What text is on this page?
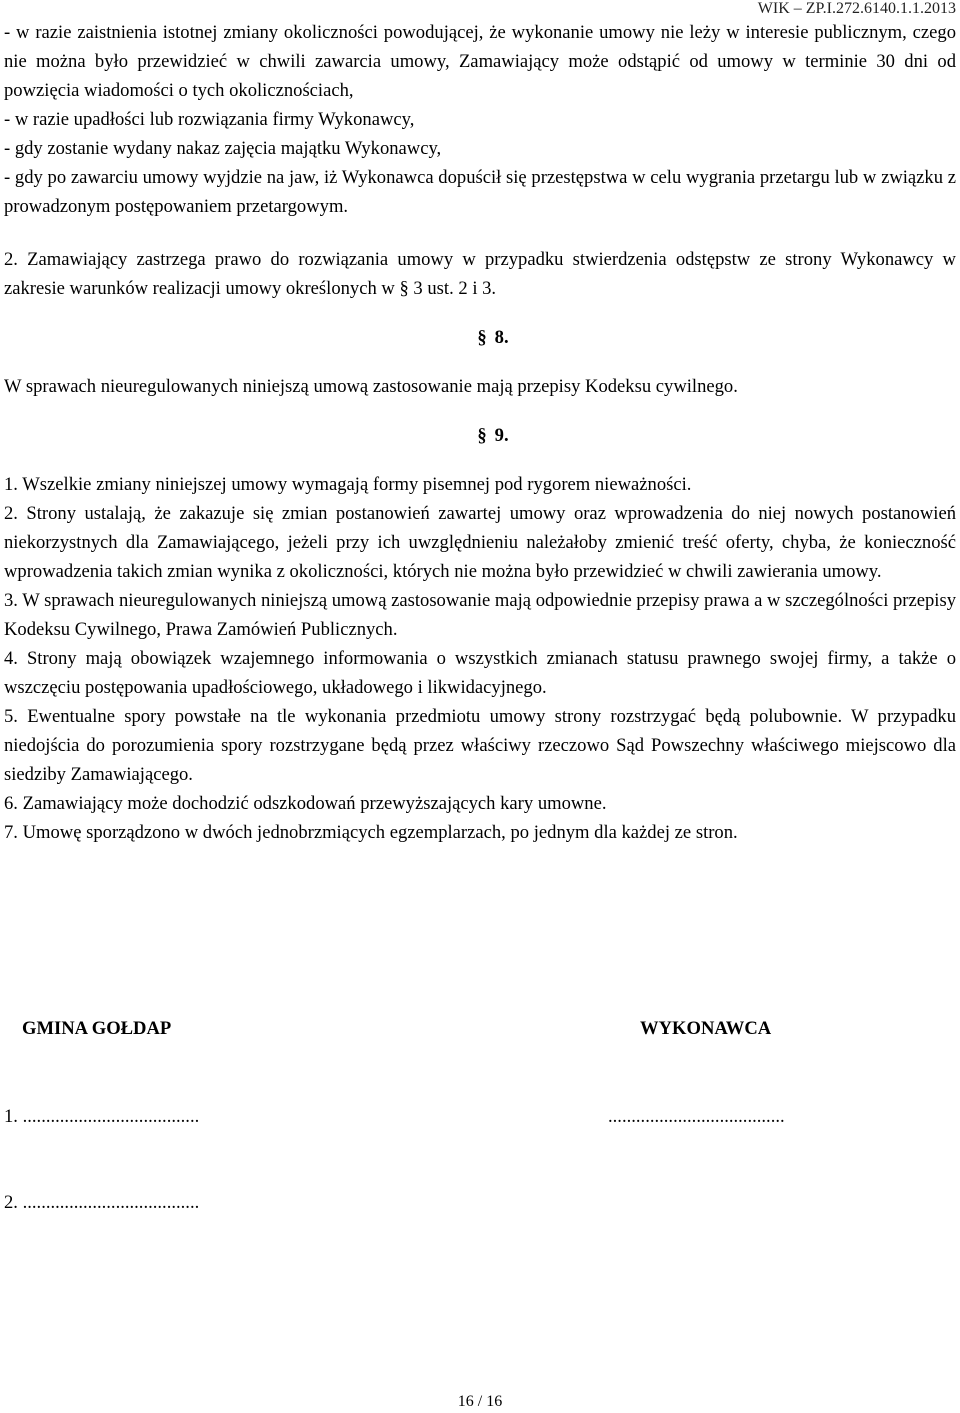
WIK – ZP.I.272.6140.1.1.2013

- w razie zaistnienia istotnej zmiany okoliczności powodującej, że wykonanie umowy nie leży w interesie publicznym, czego nie można było przewidzieć w chwili zawarcia umowy, Zamawiający może odstąpić od umowy w terminie 30 dni od powzięcia wiadomości o tych okolicznościach,

- w razie upadłości lub rozwiązania firmy Wykonawcy,

- gdy zostanie wydany nakaz zajęcia majątku Wykonawcy,

- gdy po zawarciu umowy wyjdzie na jaw, iż Wykonawca dopuścił się przestępstwa w celu wygrania przetargu lub w związku z prowadzonym postępowaniem przetargowym.

2. Zamawiający zastrzega prawo do rozwiązania umowy w przypadku stwierdzenia odstępstw ze strony Wykonawcy w zakresie warunków realizacji umowy określonych w § 3 ust. 2 i 3.

§ 8.

W sprawach nieuregulowanych niniejszą umową zastosowanie mają przepisy Kodeksu cywilnego.

§ 9.

1. Wszelkie zmiany niniejszej umowy wymagają formy pisemnej pod rygorem nieważności.

2. Strony ustalają, że zakazuje się zmian postanowień zawartej umowy oraz wprowadzenia do niej nowych postanowień niekorzystnych dla Zamawiającego, jeżeli przy ich uwzględnieniu należałoby zmienić treść oferty, chyba, że konieczność wprowadzenia takich zmian wynika z okoliczności, których nie można było przewidzieć w chwili zawierania umowy.

3. W sprawach nieuregulowanych niniejszą umową zastosowanie mają odpowiednie przepisy prawa a w szczególności przepisy Kodeksu Cywilnego, Prawa Zamówień Publicznych.

4. Strony mają obowiązek wzajemnego informowania o wszystkich zmianach statusu prawnego swojej firmy, a także o wszczęciu postępowania upadłościowego, układowego i likwidacyjnego.

5. Ewentualne spory powstałe na tle wykonania przedmiotu umowy strony rozstrzygać będą polubownie. W przypadku niedojścia do porozumienia spory rozstrzygane będą przez właściwy rzeczowo Sąd Powszechny właściwego miejscowo dla siedziby Zamawiającego.

6. Zamawiający może dochodzić odszkodowań przewyższających kary umowne.

7. Umowę sporządzono w dwóch jednobrzmiących egzemplarzach, po jednym dla każdej ze stron.

GMINA GOŁDAP	WYKONAWCA
1. ......................................	......................................
2. ......................................
16 / 16
